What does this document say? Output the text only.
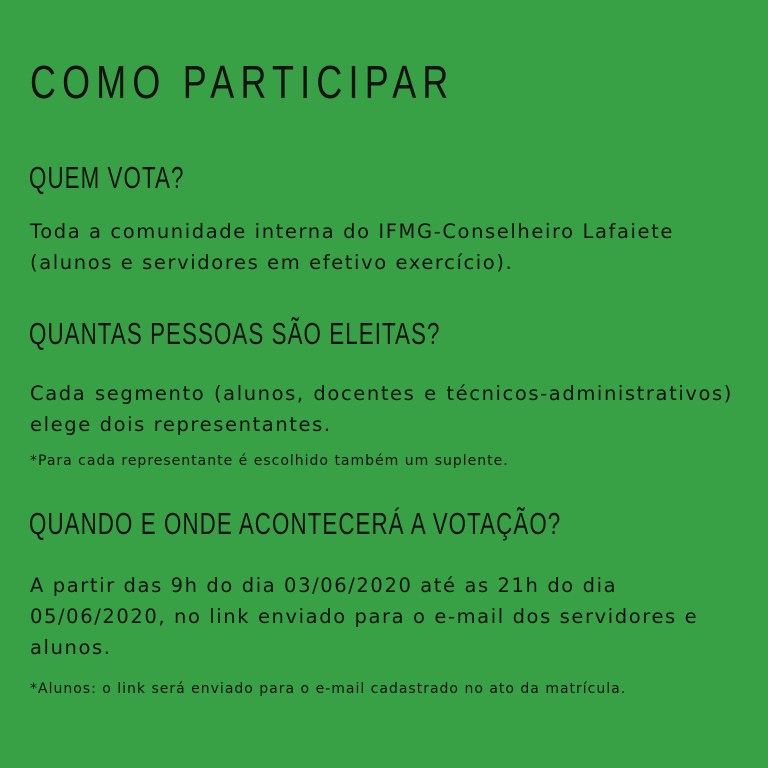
COMO PARTICIPAR
QUEM VOTA?

Toda a comunidade interna do IFMG-Conselheiro Lafaiete (alunos e servidores em efetivo exercício).

QUANTAS PESSOAS SÃO ELEITAS?

Cada segmento (alunos, docentes e técnicos-administrativos) elege dois representantes.

*Para cada representante é escolhido também um suplente.

QUANDO E ONDE ACONTECERÁ A VOTAÇÃO?

A partir das 9h do dia 03/06/2020 até as 21h do dia 05/06/2020, no link enviado para o e-mail dos servidores e alunos.

*Alunos: o link será enviado para o e-mail cadastrado no ato da matrícula.
